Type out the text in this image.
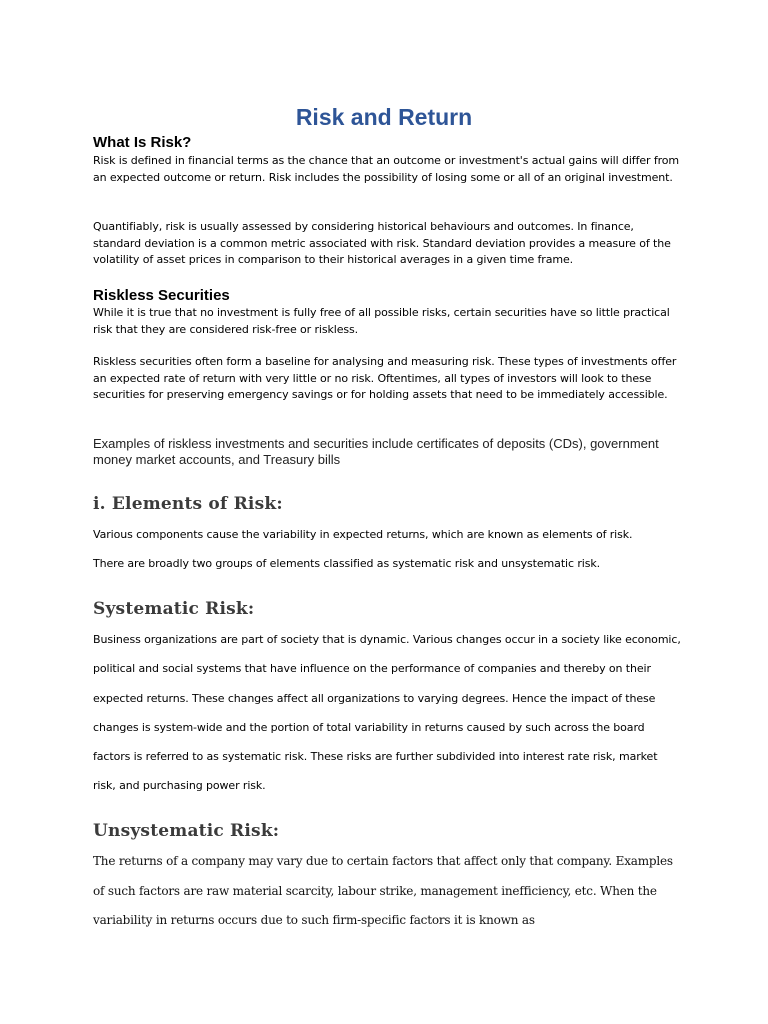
Risk and Return
What Is Risk?

Risk is defined in financial terms as the chance that an outcome or investment's actual gains will differ from an expected outcome or return. Risk includes the possibility of losing some or all of an original investment.

Quantifiably, risk is usually assessed by considering historical behaviours and outcomes. In finance, standard deviation is a common metric associated with risk. Standard deviation provides a measure of the volatility of asset prices in comparison to their historical averages in a given time frame.

Riskless Securities

While it is true that no investment is fully free of all possible risks, certain securities have so little practical risk that they are considered risk-free or riskless.

Riskless securities often form a baseline for analysing and measuring risk. These types of investments offer an expected rate of return with very little or no risk. Oftentimes, all types of investors will look to these securities for preserving emergency savings or for holding assets that need to be immediately accessible.

Examples of riskless investments and securities include certificates of deposits (CDs), government money market accounts, and Treasury bills

i. Elements of Risk:

Various components cause the variability in expected returns, which are known as elements of risk.

There are broadly two groups of elements classified as systematic risk and unsystematic risk.

Systematic Risk:

Business organizations are part of society that is dynamic. Various changes occur in a society like economic, political and social systems that have influence on the performance of companies and thereby on their expected returns. These changes affect all organizations to varying degrees. Hence the impact of these changes is system-wide and the portion of total variability in returns caused by such across the board factors is referred to as systematic risk. These risks are further subdivided into interest rate risk, market risk, and purchasing power risk.

Unsystematic Risk:

The returns of a company may vary due to certain factors that affect only that company. Examples of such factors are raw material scarcity, labour strike, management inefficiency, etc. When the variability in returns occurs due to such firm-specific factors it is known as
